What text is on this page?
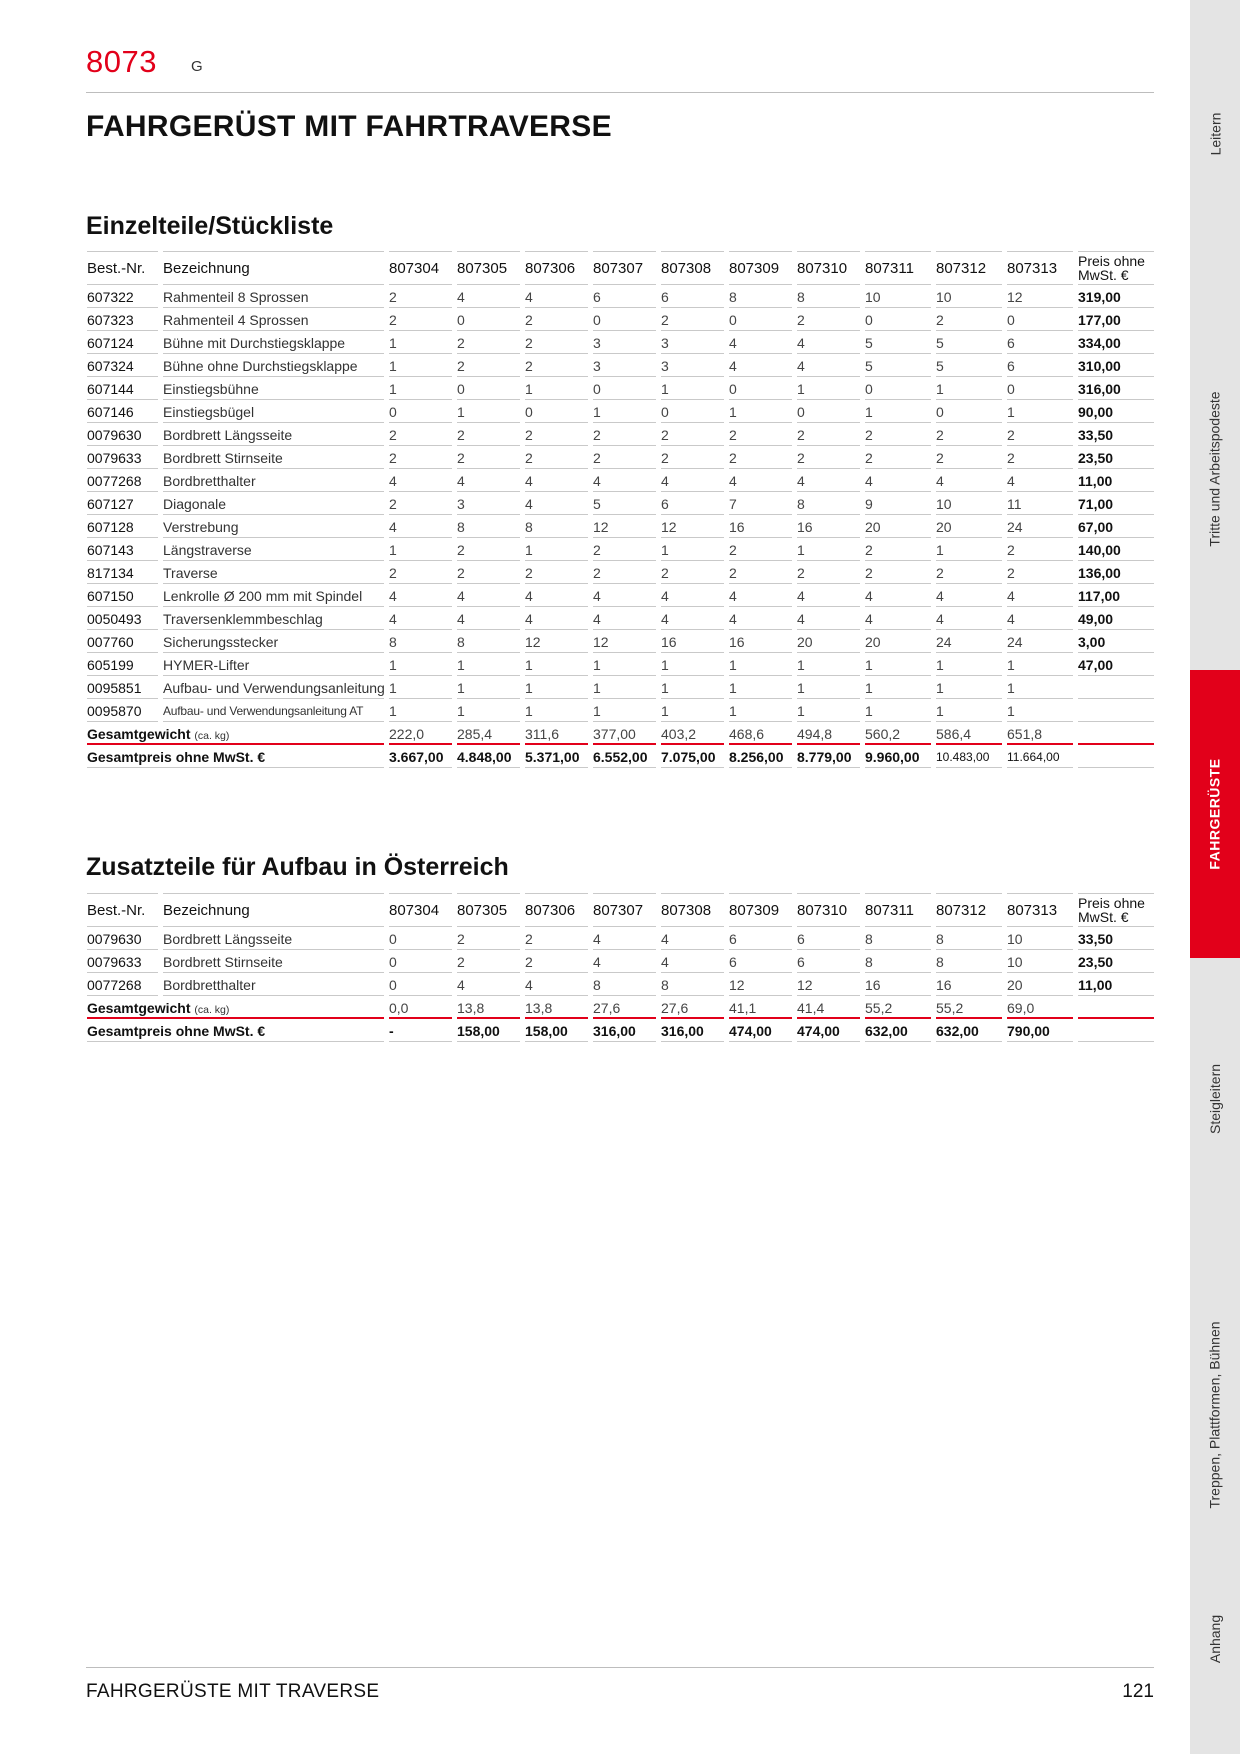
8073 G
FAHRGERÜST MIT FAHRTRAVERSE
Einzelteile/Stückliste
Best.-Nr.	Bezeichnung	807304	807305	807306	807307	807308	807309	807310	807311	807312	807313	Preis ohne MwSt. €
607322	Rahmenteil 8 Sprossen	2	4	4	6	6	8	8	10	10	12	319,00
607323	Rahmenteil 4 Sprossen	2	0	2	0	2	0	2	0	2	0	177,00
607124	Bühne mit Durchstiegsklappe	1	2	2	3	3	4	4	5	5	6	334,00
607324	Bühne ohne Durchstiegsklappe	1	2	2	3	3	4	4	5	5	6	310,00
607144	Einstiegsbühne	1	0	1	0	1	0	1	0	1	0	316,00
607146	Einstiegsbügel	0	1	0	1	0	1	0	1	0	1	90,00
0079630	Bordbrett Längsseite	2	2	2	2	2	2	2	2	2	2	33,50
0079633	Bordbrett Stirnseite	2	2	2	2	2	2	2	2	2	2	23,50
0077268	Bordbretthalter	4	4	4	4	4	4	4	4	4	4	11,00
607127	Diagonale	2	3	4	5	6	7	8	9	10	11	71,00
607128	Verstrebung	4	8	8	12	12	16	16	20	20	24	67,00
607143	Längstraverse	1	2	1	2	1	2	1	2	1	2	140,00
817134	Traverse	2	2	2	2	2	2	2	2	2	2	136,00
607150	Lenkrolle Ø 200 mm mit Spindel	4	4	4	4	4	4	4	4	4	4	117,00
0050493	Traversenklemmbeschlag	4	4	4	4	4	4	4	4	4	4	49,00
007760	Sicherungsstecker	8	8	12	12	16	16	20	20	24	24	3,00
605199	HYMER-Lifter	1	1	1	1	1	1	1	1	1	1	47,00
0095851	Aufbau- und Verwendungsanleitung	1	1	1	1	1	1	1	1	1	1	
0095870	Aufbau- und Verwendungsanleitung AT	1	1	1	1	1	1	1	1	1	1	
Gesamtgewicht (ca. kg)		222,0	285,4	311,6	377,00	403,2	468,6	494,8	560,2	586,4	651,8	
Gesamtpreis ohne MwSt. €		3.667,00	4.848,00	5.371,00	6.552,00	7.075,00	8.256,00	8.779,00	9.960,00	10.483,00	11.664,00	
Zusatzteile für Aufbau in Österreich
Best.-Nr.	Bezeichnung	807304	807305	807306	807307	807308	807309	807310	807311	807312	807313	Preis ohne MwSt. €
0079630	Bordbrett Längsseite	0	2	2	4	4	6	6	8	8	10	33,50
0079633	Bordbrett Stirnseite	0	2	2	4	4	6	6	8	8	10	23,50
0077268	Bordbretthalter	0	4	4	8	8	12	12	16	16	20	11,00
Gesamtgewicht (ca. kg)		0,0	13,8	13,8	27,6	27,6	41,1	41,4	55,2	55,2	69,0	
Gesamtpreis ohne MwSt. €		-	158,00	158,00	316,00	316,00	474,00	474,00	632,00	632,00	790,00	
Leitern
Tritte und Arbeitspodeste
FAHRGERÜSTE
Steigleitern
Treppen, Plattformen, Bühnen
Anhang
FAHRGERÜSTE MIT TRAVERSE	121
